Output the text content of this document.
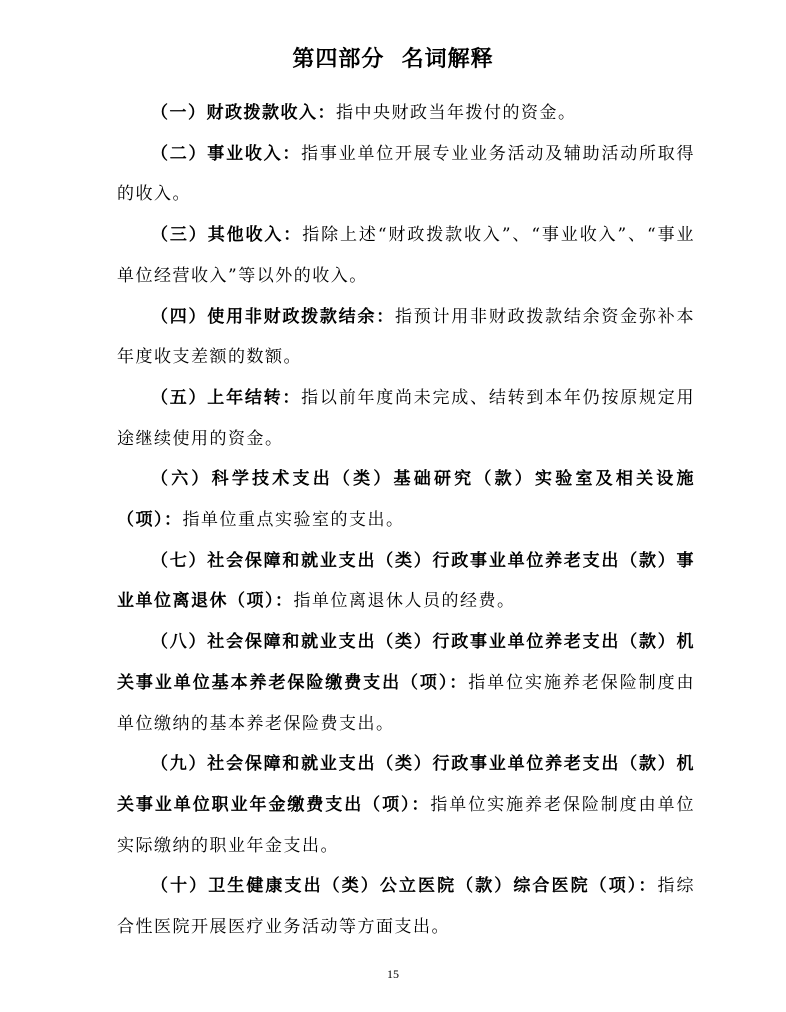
第四部分  名词解释

（一）财政拨款收入：指中央财政当年拨付的资金。

（二）事业收入：指事业单位开展专业业务活动及辅助活动所取得的收入。

（三）其他收入：指除上述“财政拨款收入”、“事业收入”、“事业单位经营收入”等以外的收入。

（四）使用非财政拨款结余：指预计用非财政拨款结余资金弥补本年度收支差额的数额。

（五）上年结转：指以前年度尚未完成、结转到本年仍按原规定用途继续使用的资金。

（六）科学技术支出（类）基础研究（款）实验室及相关设施（项）：指单位重点实验室的支出。

（七）社会保障和就业支出（类）行政事业单位养老支出（款）事业单位离退休（项）：指单位离退休人员的经费。

（八）社会保障和就业支出（类）行政事业单位养老支出（款）机关事业单位基本养老保险缴费支出（项）：指单位实施养老保险制度由单位缴纳的基本养老保险费支出。

（九）社会保障和就业支出（类）行政事业单位养老支出（款）机关事业单位职业年金缴费支出（项）：指单位实施养老保险制度由单位实际缴纳的职业年金支出。

（十）卫生健康支出（类）公立医院（款）综合医院（项）：指综合性医院开展医疗业务活动等方面支出。

15
